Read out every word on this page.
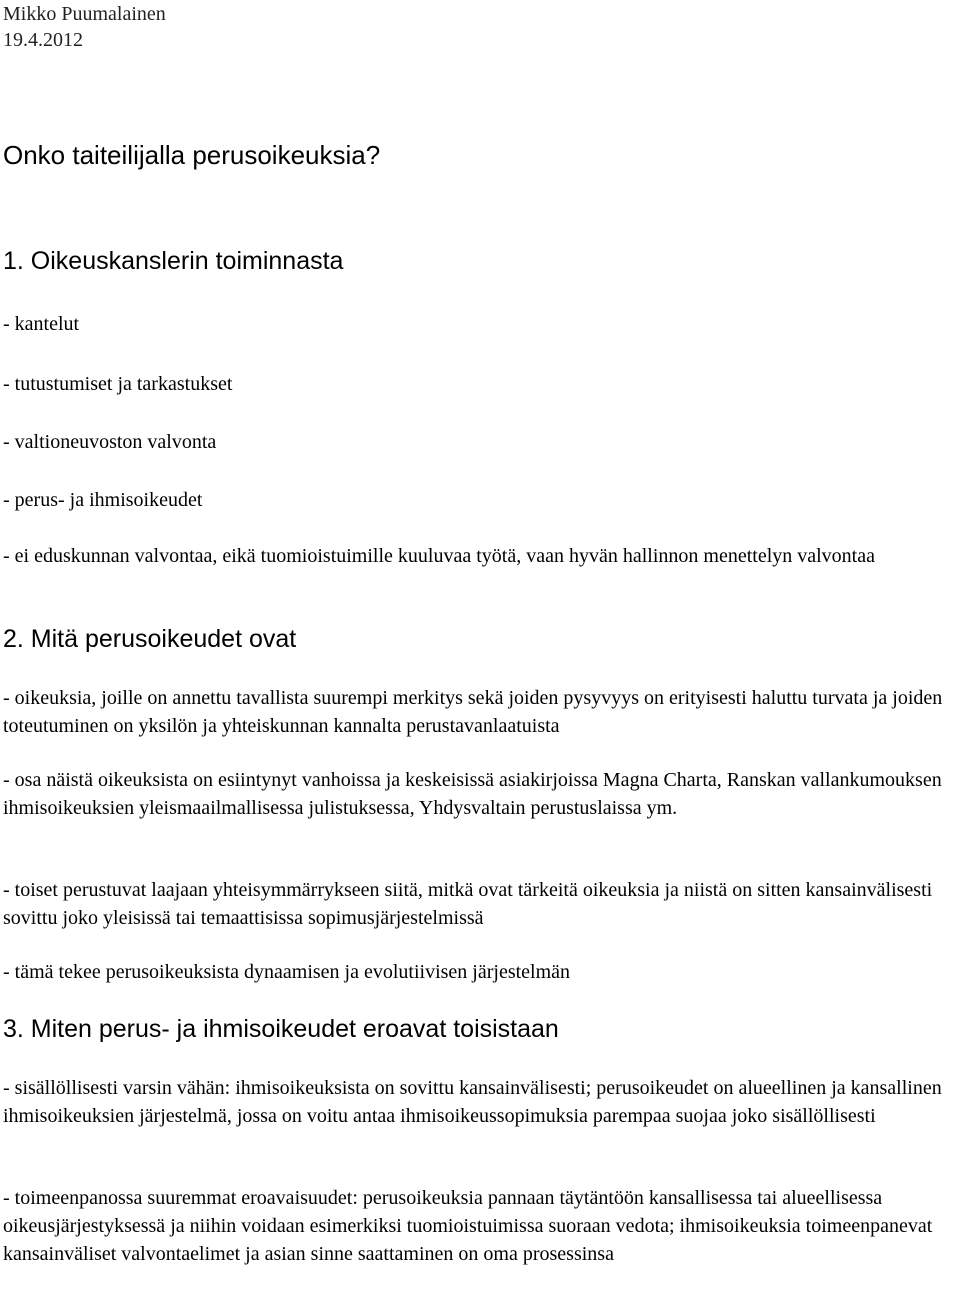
Mikko Puumalainen

19.4.2012

Onko taiteilijalla perusoikeuksia?
1. Oikeuskanslerin toiminnasta

- kantelut

- tutustumiset ja tarkastukset

- valtioneuvoston valvonta

- perus- ja ihmisoikeudet

- ei eduskunnan valvontaa, eikä tuomioistuimille kuuluvaa työtä, vaan hyvän hallinnon menettelyn valvontaa

2. Mitä perusoikeudet ovat

- oikeuksia, joille on annettu tavallista suurempi merkitys sekä joiden pysyvyys on erityisesti haluttu turvata ja joiden toteutuminen on yksilön ja yhteiskunnan kannalta perustavanlaatuista

- osa näistä oikeuksista on esiintynyt vanhoissa ja keskeisissä asiakirjoissa Magna Charta, Ranskan vallankumouksen ihmisoikeuksien yleismaailmallisessa julistuksessa, Yhdysvaltain perustuslaissa ym.

- toiset perustuvat laajaan yhteisymmärrykseen siitä, mitkä ovat tärkeitä oikeuksia ja niistä on sitten kansainvälisesti sovittu joko yleisissä tai temaattisissa sopimusjärjestelmissä

- tämä tekee perusoikeuksista dynaamisen ja evolutiivisen järjestelmän

3. Miten perus- ja ihmisoikeudet eroavat toisistaan

- sisällöllisesti varsin vähän: ihmisoikeuksista on sovittu kansainvälisesti; perusoikeudet on alueellinen ja kansallinen ihmisoikeuksien järjestelmä, jossa on voitu antaa ihmisoikeussopimuksia parempaa suojaa joko sisällöllisesti

- toimeenpanossa suuremmat eroavaisuudet: perusoikeuksia pannaan täytäntöön kansallisessa tai alueellisessa oikeusjärjestyksessä ja niihin voidaan esimerkiksi tuomioistuimissa suoraan vedota; ihmisoikeuksia toimeenpanevat kansainväliset valvontaelimet ja asian sinne saattaminen on oma prosessinsa
